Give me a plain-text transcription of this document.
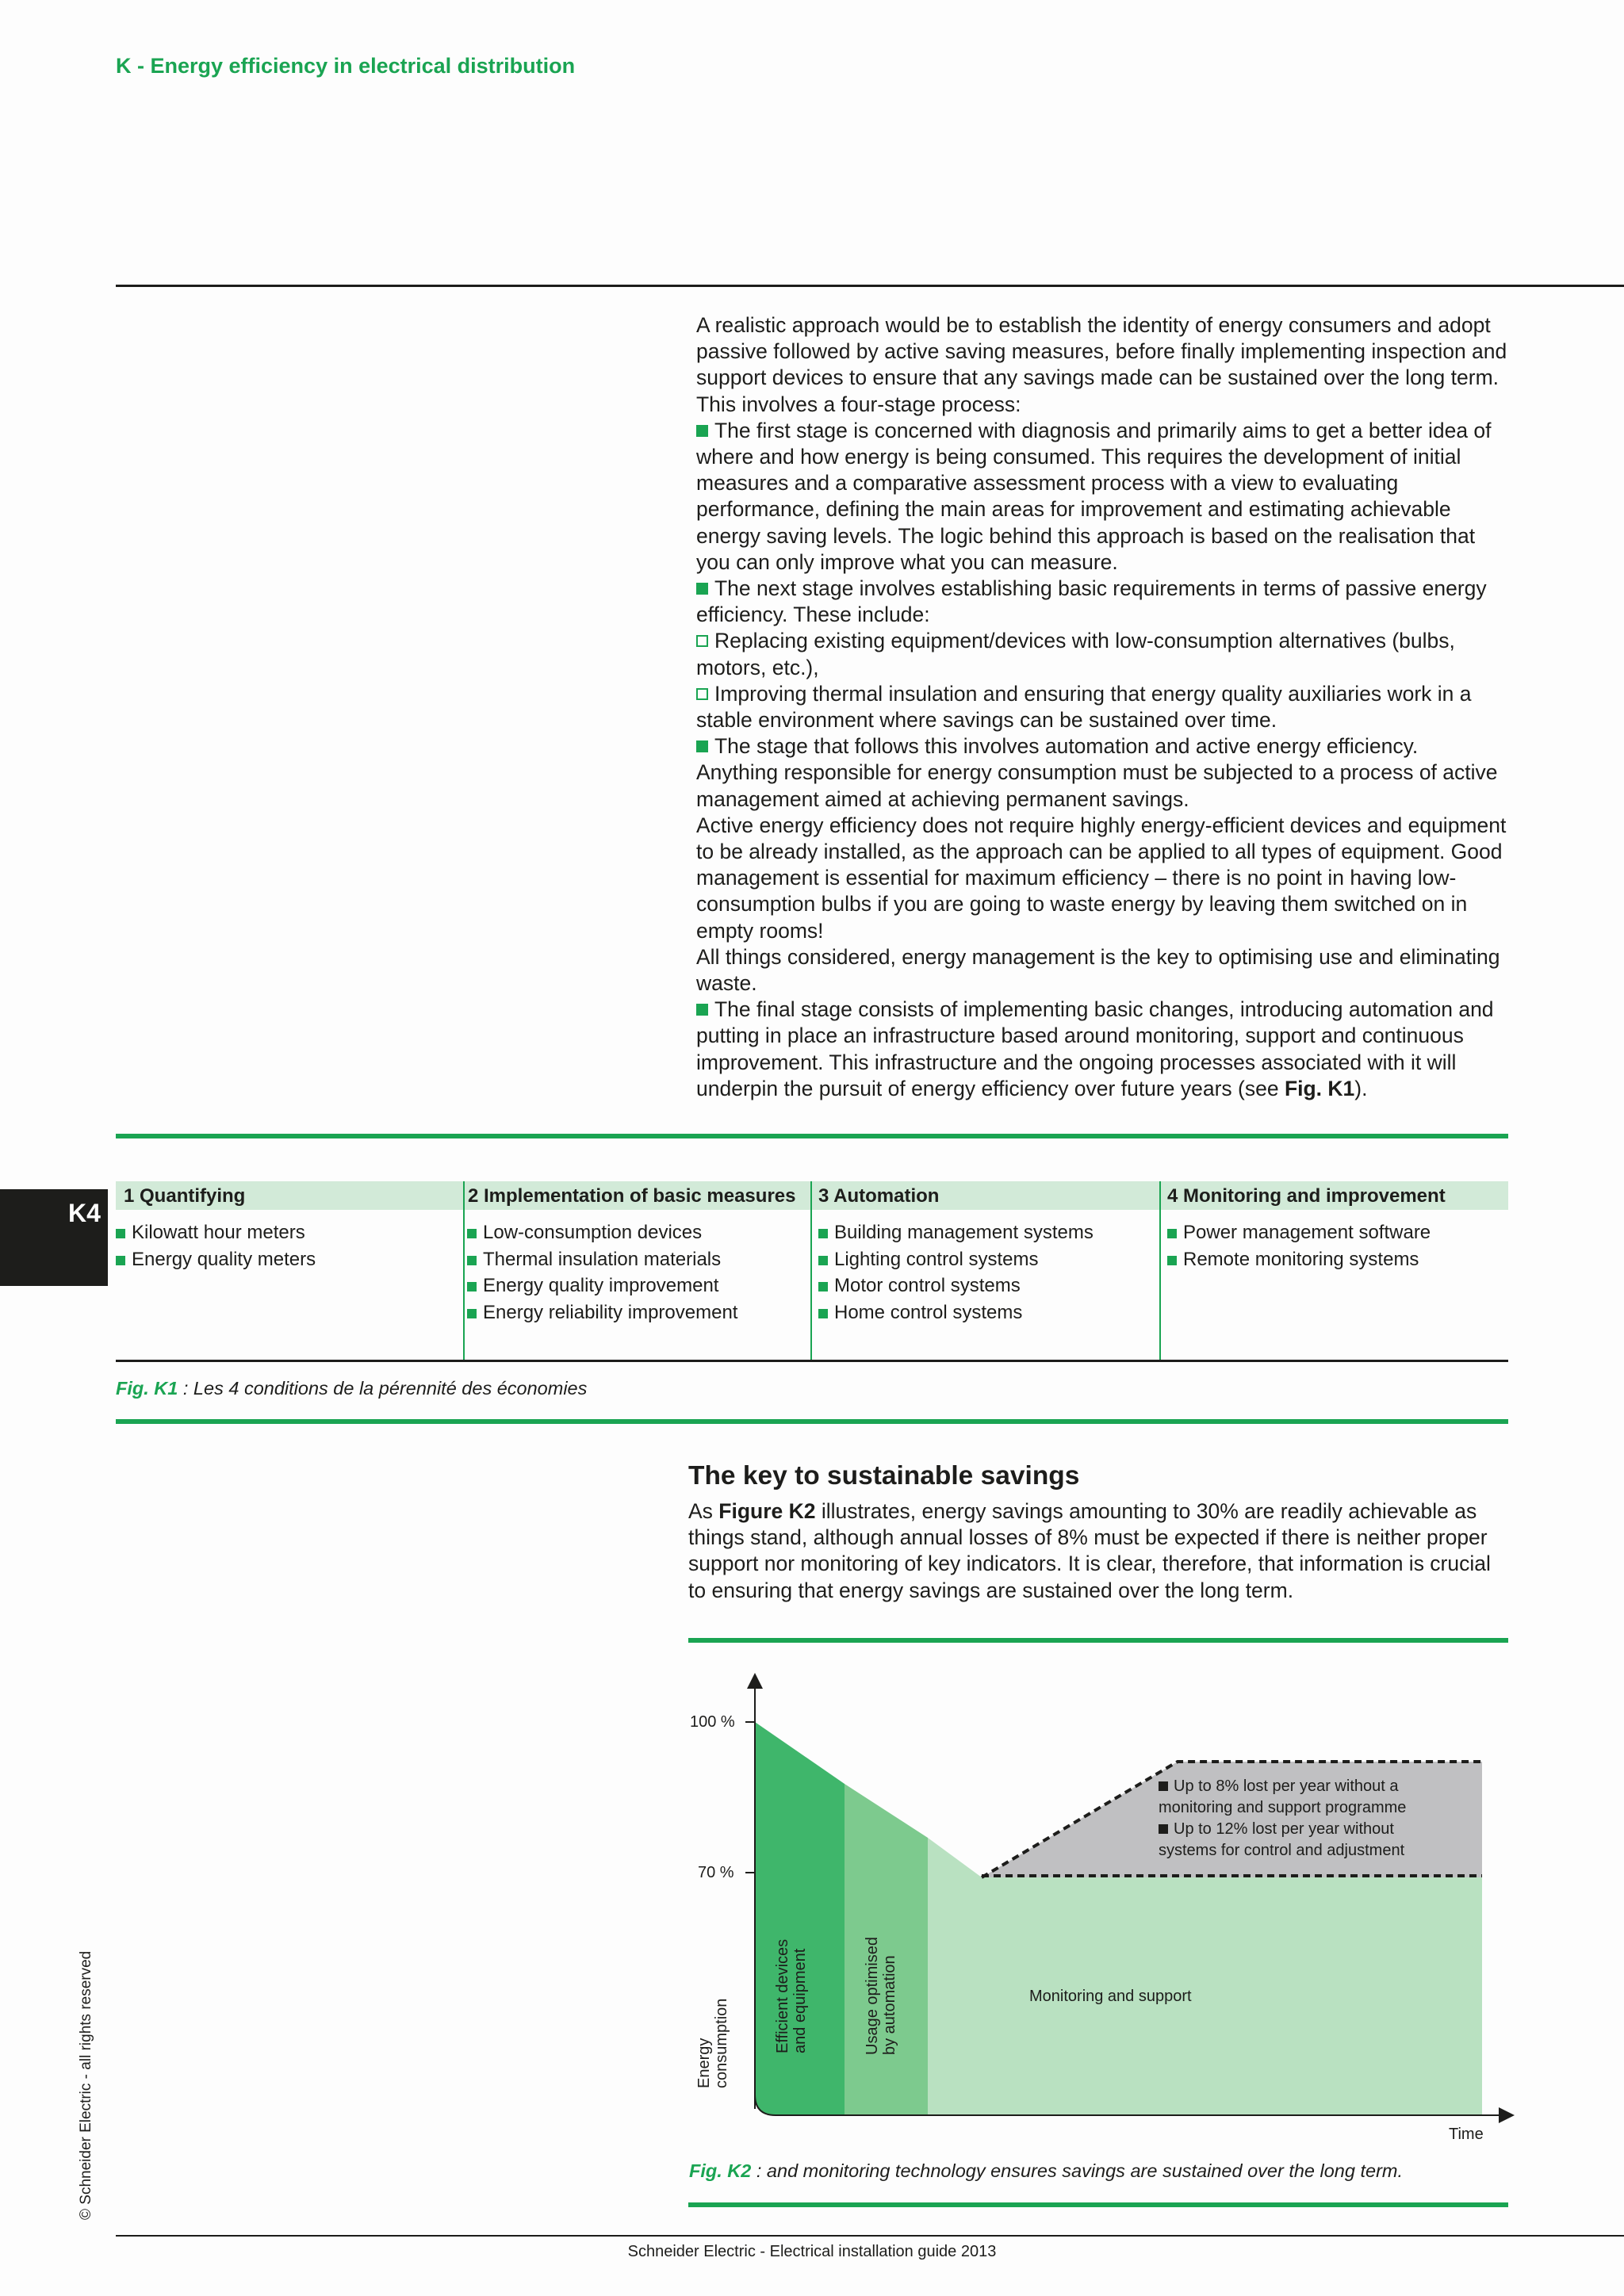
K - Energy efficiency in electrical distribution

A realistic approach would be to establish the identity of energy consumers and adopt passive followed by active saving measures, before finally implementing inspection and support devices to ensure that any savings made can be sustained over the long term. This involves a four-stage process:

The first stage is concerned with diagnosis and primarily aims to get a better idea of where and how energy is being consumed. This requires the development of initial measures and a comparative assessment process with a view to evaluating performance, defining the main areas for improvement and estimating achievable energy saving levels. The logic behind this approach is based on the realisation that you can only improve what you can measure.

The next stage involves establishing basic requirements in terms of passive energy efficiency. These include:

Replacing existing equipment/devices with low-consumption alternatives (bulbs, motors, etc.),

Improving thermal insulation and ensuring that energy quality auxiliaries work in a stable environment where savings can be sustained over time.

The stage that follows this involves automation and active energy efficiency.

Anything responsible for energy consumption must be subjected to a process of active management aimed at achieving permanent savings.

Active energy efficiency does not require highly energy-efficient devices and equipment to be already installed, as the approach can be applied to all types of equipment. Good management is essential for maximum efficiency – there is no point in having low-consumption bulbs if you are going to waste energy by leaving them switched on in empty rooms!

All things considered, energy management is the key to optimising use and eliminating waste.

The final stage consists of implementing basic changes, introducing automation and putting in place an infrastructure based around monitoring, support and continuous improvement. This infrastructure and the ongoing processes associated with it will underpin the pursuit of energy efficiency over future years (see Fig. K1).

K4
1 Quantifying
Kilowatt hour meters
Energy quality meters
2 Implementation of basic measures
Low-consumption devices
Thermal insulation materials
Energy quality improvement
Energy reliability improvement
3 Automation
Building management systems
Lighting control systems
Motor control systems
Home control systems
4 Monitoring and improvement
Power management software
Remote monitoring systems
Fig. K1 : Les 4 conditions de la pérennité des économies
The key to sustainable savings

As Figure K2 illustrates, energy savings amounting to 30% are readily achievable as things stand, although annual losses of 8% must be expected if there is neither proper support nor monitoring of key indicators. It is clear, therefore, that information is crucial to ensuring that energy savings are sustained over the long term.

100 %
70 %
Energy consumption	Efficient devices and equipment	Usage optimised by automation	Monitoring and support
Up to 8% lost per year without a
monitoring and support programme
Up to 12% lost per year without
systems for control and adjustment
Time
Fig. K2 : and monitoring technology ensures savings are sustained over the long term.
Schneider Electric - Electrical installation guide 2013
© Schneider Electric - all rights reserved
